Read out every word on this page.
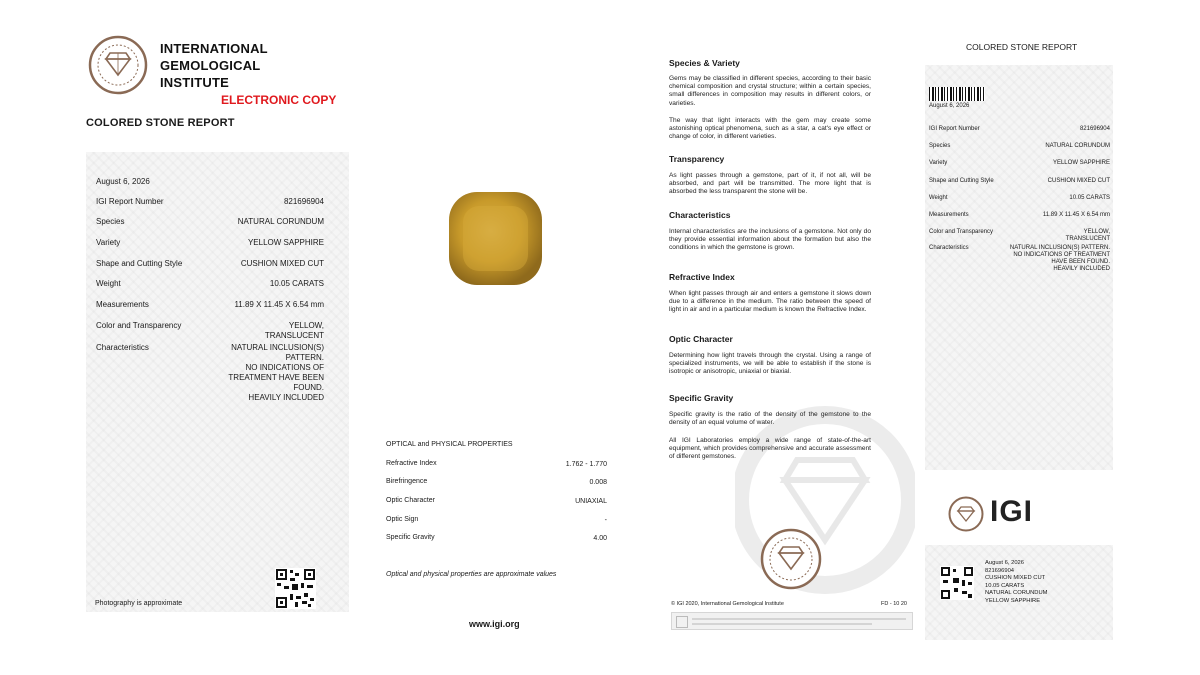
INTERNATIONAL
GEMOLOGICAL
INSTITUTE
ELECTRONIC COPY
COLORED STONE REPORT
August 6, 2026
IGI Report Number	821696904
Species	NATURAL CORUNDUM
Variety	YELLOW SAPPHIRE
Shape and Cutting Style	CUSHION MIXED CUT
Weight	10.05 CARATS
Measurements	11.89 X 11.45 X 6.54 mm
Color and Transparency	YELLOW,
TRANSLUCENT
Characteristics	NATURAL INCLUSION(S)
PATTERN.
NO INDICATIONS OF
TREATMENT HAVE BEEN
FOUND.
HEAVILY INCLUDED
Photography is approximate
OPTICAL and PHYSICAL PROPERTIES
Refractive Index	1.762 - 1.770
Birefringence	0.008
Optic Character	UNIAXIAL
Optic Sign	-
Specific Gravity	4.00
Optical and physical properties are approximate values
www.igi.org
Species & Variety
Gems may be classified in different species, according to their basic chemical composition and crystal structure; within a certain species, small differences in composition may results in different colors, or varieties.
The way that light interacts with the gem may create some astonishing optical phenomena, such as a star, a cat's eye effect or change of color, in different varieties.
Transparency
As light passes through a gemstone, part of it, if not all, will be absorbed, and part will be transmitted. The more light that is absorbed the less transparent the stone will be.
Characteristics
Internal characteristics are the inclusions of a gemstone. Not only do they provide essential information about the formation but also the conditions in which the gemstone is grown.
Refractive Index
When light passes through air and enters a gemstone it slows down due to a difference in the medium. The ratio between the speed of light in air and in a particular medium is known the Refractive Index.
Optic Character
Determining how light travels through the crystal. Using a range of specialized instruments, we will be able to establish if the stone is isotropic or anisotropic, uniaxial or biaxial.
Specific Gravity
Specific gravity is the ratio of the density of the gemstone to the density of an equal volume of water.
All IGI Laboratories employ a wide range of state-of-the-art equipment, which provides comprehensive and accurate assessment of different gemstones.
© IGI 2020, International Gemological Institute	FD - 10 20
COLORED STONE REPORT
August 6, 2026
IGI Report Number	821696904
Species	NATURAL CORUNDUM
Variety	YELLOW SAPPHIRE
Shape and Cutting Style	CUSHION MIXED CUT
Weight	10.05 CARATS
Measurements	11.89 X 11.45 X 6.54 mm
Color and Transparency	YELLOW,
TRANSLUCENT
Characteristics	NATURAL INCLUSION(S) PATTERN.
NO INDICATIONS OF TREATMENT
HAVE BEEN FOUND.
HEAVILY INCLUDED
IGI
August 6, 2026
821696904
CUSHION MIXED CUT
10.05 CARATS
NATURAL CORUNDUM
YELLOW SAPPHIRE
